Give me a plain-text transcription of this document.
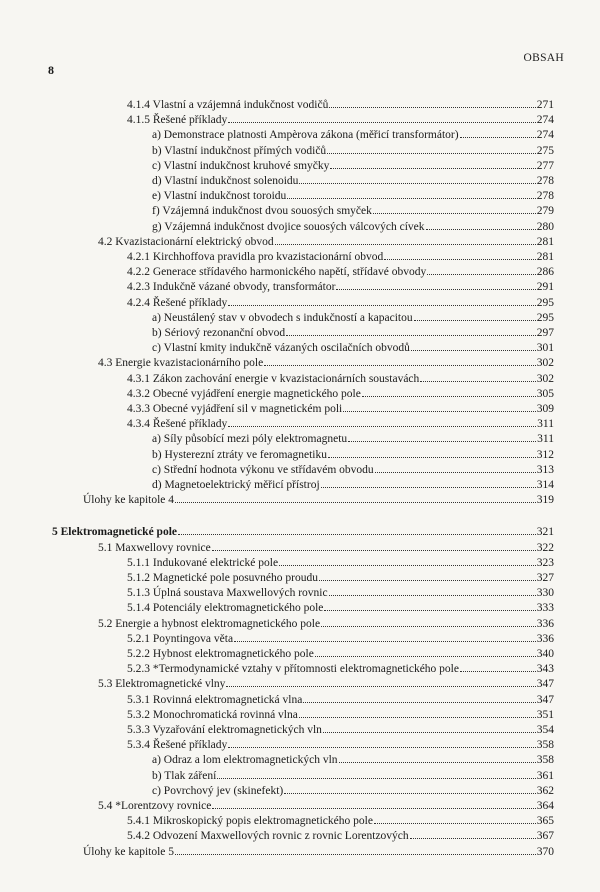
8
OBSAH
4.1.4 Vlastní a vzájemná indukčnost vodičů	271
4.1.5 Řešené příklady	274
a) Demonstrace platnosti Ampèrova zákona (měřicí transformátor)	274
b) Vlastní indukčnost přímých vodičů	275
c) Vlastní indukčnost kruhové smyčky	277
d) Vlastní indukčnost solenoidu	278
e) Vlastní indukčnost toroidu	278
f) Vzájemná indukčnost dvou souosých smyček	279
g) Vzájemná indukčnost dvojice souosých válcových cívek	280
4.2 Kvazistacionární elektrický obvod	281
4.2.1 Kirchhoffova pravidla pro kvazistacionární obvod	281
4.2.2 Generace střídavého harmonického napětí, střídavé obvody	286
4.2.3 Indukčně vázané obvody, transformátor	291
4.2.4 Řešené příklady	295
a) Neustálený stav v obvodech s indukčností a kapacitou	295
b) Sériový rezonanční obvod	297
c) Vlastní kmity indukčně vázaných oscilačních obvodů	301
4.3 Energie kvazistacionárního pole	302
4.3.1 Zákon zachování energie v kvazistacionárních soustavách	302
4.3.2 Obecné vyjádření energie magnetického pole	305
4.3.3 Obecné vyjádření sil v magnetickém poli	309
4.3.4 Řešené příklady	311
a) Síly působící mezi póly elektromagnetu	311
b) Hysterezní ztráty ve feromagnetiku	312
c) Střední hodnota výkonu ve střídavém obvodu	313
d) Magnetoelektrický měřicí přístroj	314
Úlohy ke kapitole 4	319
5 Elektromagnetické pole	321
5.1 Maxwellovy rovnice	322
5.1.1 Indukované elektrické pole	323
5.1.2 Magnetické pole posuvného proudu	327
5.1.3 Úplná soustava Maxwellových rovnic	330
5.1.4 Potenciály elektromagnetického pole	333
5.2 Energie a hybnost elektromagnetického pole	336
5.2.1 Poyntingova věta	336
5.2.2 Hybnost elektromagnetického pole	340
5.2.3 *Termodynamické vztahy v přítomnosti elektromagnetického pole	343
5.3 Elektromagnetické vlny	347
5.3.1 Rovinná elektromagnetická vlna	347
5.3.2 Monochromatická rovinná vlna	351
5.3.3 Vyzařování elektromagnetických vln	354
5.3.4 Řešené příklady	358
a) Odraz a lom elektromagnetických vln	358
b) Tlak záření	361
c) Povrchový jev (skinefekt)	362
5.4 *Lorentzovy rovnice	364
5.4.1 Mikroskopický popis elektromagnetického pole	365
5.4.2 Odvození Maxwellových rovnic z rovnic Lorentzových	367
Úlohy ke kapitole 5	370
